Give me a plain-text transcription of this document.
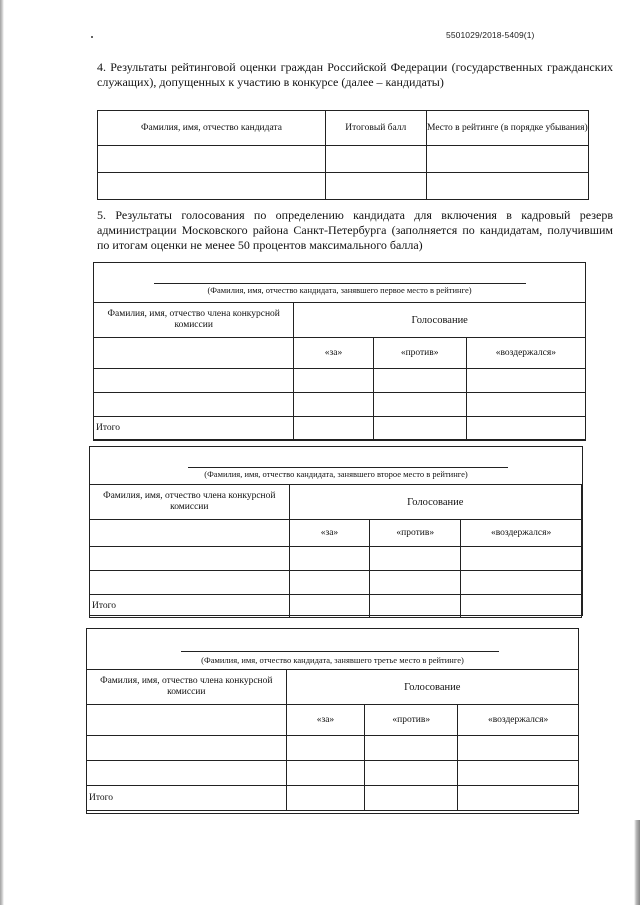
5501029/2018-5409(1)
4. Результаты рейтинговой оценки граждан Российской Федерации (государственных гражданских служащих), допущенных к участию в конкурсе (далее – кандидаты)
Фамилия, имя, отчество кандидата	Итоговый балл	Место в рейтинге (в порядке убывания)

5. Результаты голосования по определению кандидата для включения в кадровый резерв администрации Московского района Санкт-Петербурга (заполняется по кандидатам, получившим по итогам оценки не менее 50 процентов максимального балла)
(Фамилия, имя, отчество кандидата, занявшего первое место в рейтинге)
Фамилия, имя, отчество члена конкурсной комиссии	Голосование		

	«за»	«против»	«воздержался»

Итого			
(Фамилия, имя, отчество кандидата, занявшего второе место в рейтинге)
Фамилия, имя, отчество члена конкурсной комиссии	Голосование		

	«за»	«против»	«воздержался»

Итого			
(Фамилия, имя, отчество кандидата, занявшего третье место в рейтинге)
Фамилия, имя, отчество члена конкурсной комиссии	Голосование		

	«за»	«против»	«воздержался»

Итого			
